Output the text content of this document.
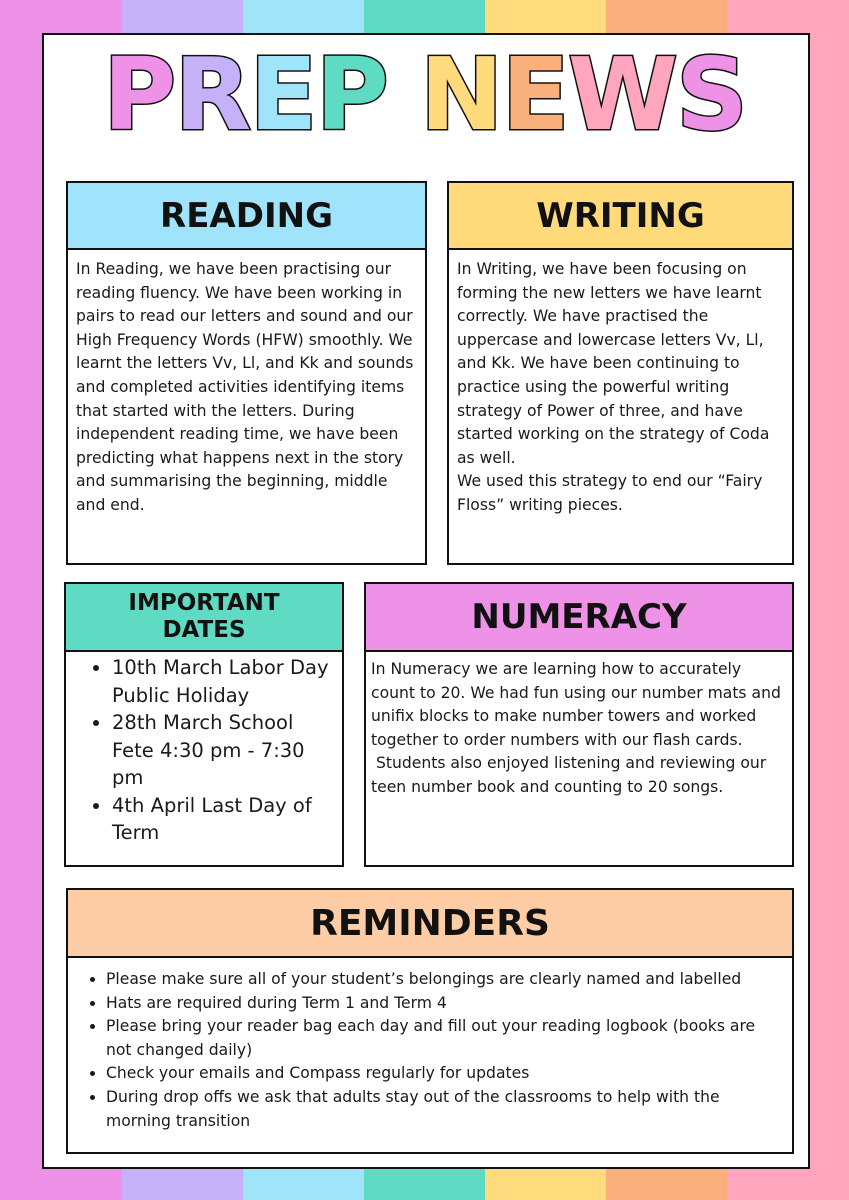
PREP NEWS
READING
In Reading, we have been practising our reading fluency. We have been working in pairs to read our letters and sound and our High Frequency Words (HFW) smoothly. We learnt the letters Vv, Ll, and Kk and sounds and completed activities identifying items that started with the letters. During independent reading time, we have been predicting what happens next in the story and summarising the beginning, middle and end.
WRITING
In Writing, we have been focusing on forming the new letters we have learnt correctly. We have practised the uppercase and lowercase letters Vv, Ll, and Kk. We have been continuing to practice using the powerful writing strategy of Power of three, and have started working on the strategy of Coda as well.
We used this strategy to end our “Fairy Floss” writing pieces.
IMPORTANT DATES
• 10th March Labor Day Public Holiday
• 28th March School Fete 4:30 pm - 7:30 pm
• 4th April Last Day of Term
NUMERACY
In Numeracy we are learning how to accurately count to 20. We had fun using our number mats and unifix blocks to make number towers and worked together to order numbers with our flash cards.
Students also enjoyed listening and reviewing our teen number book and counting to 20 songs.
REMINDERS
• Please make sure all of your student’s belongings are clearly named and labelled
• Hats are required during Term 1 and Term 4
• Please bring your reader bag each day and fill out your reading logbook (books are not changed daily)
• Check your emails and Compass regularly for updates
• During drop offs we ask that adults stay out of the classrooms to help with the morning transition
